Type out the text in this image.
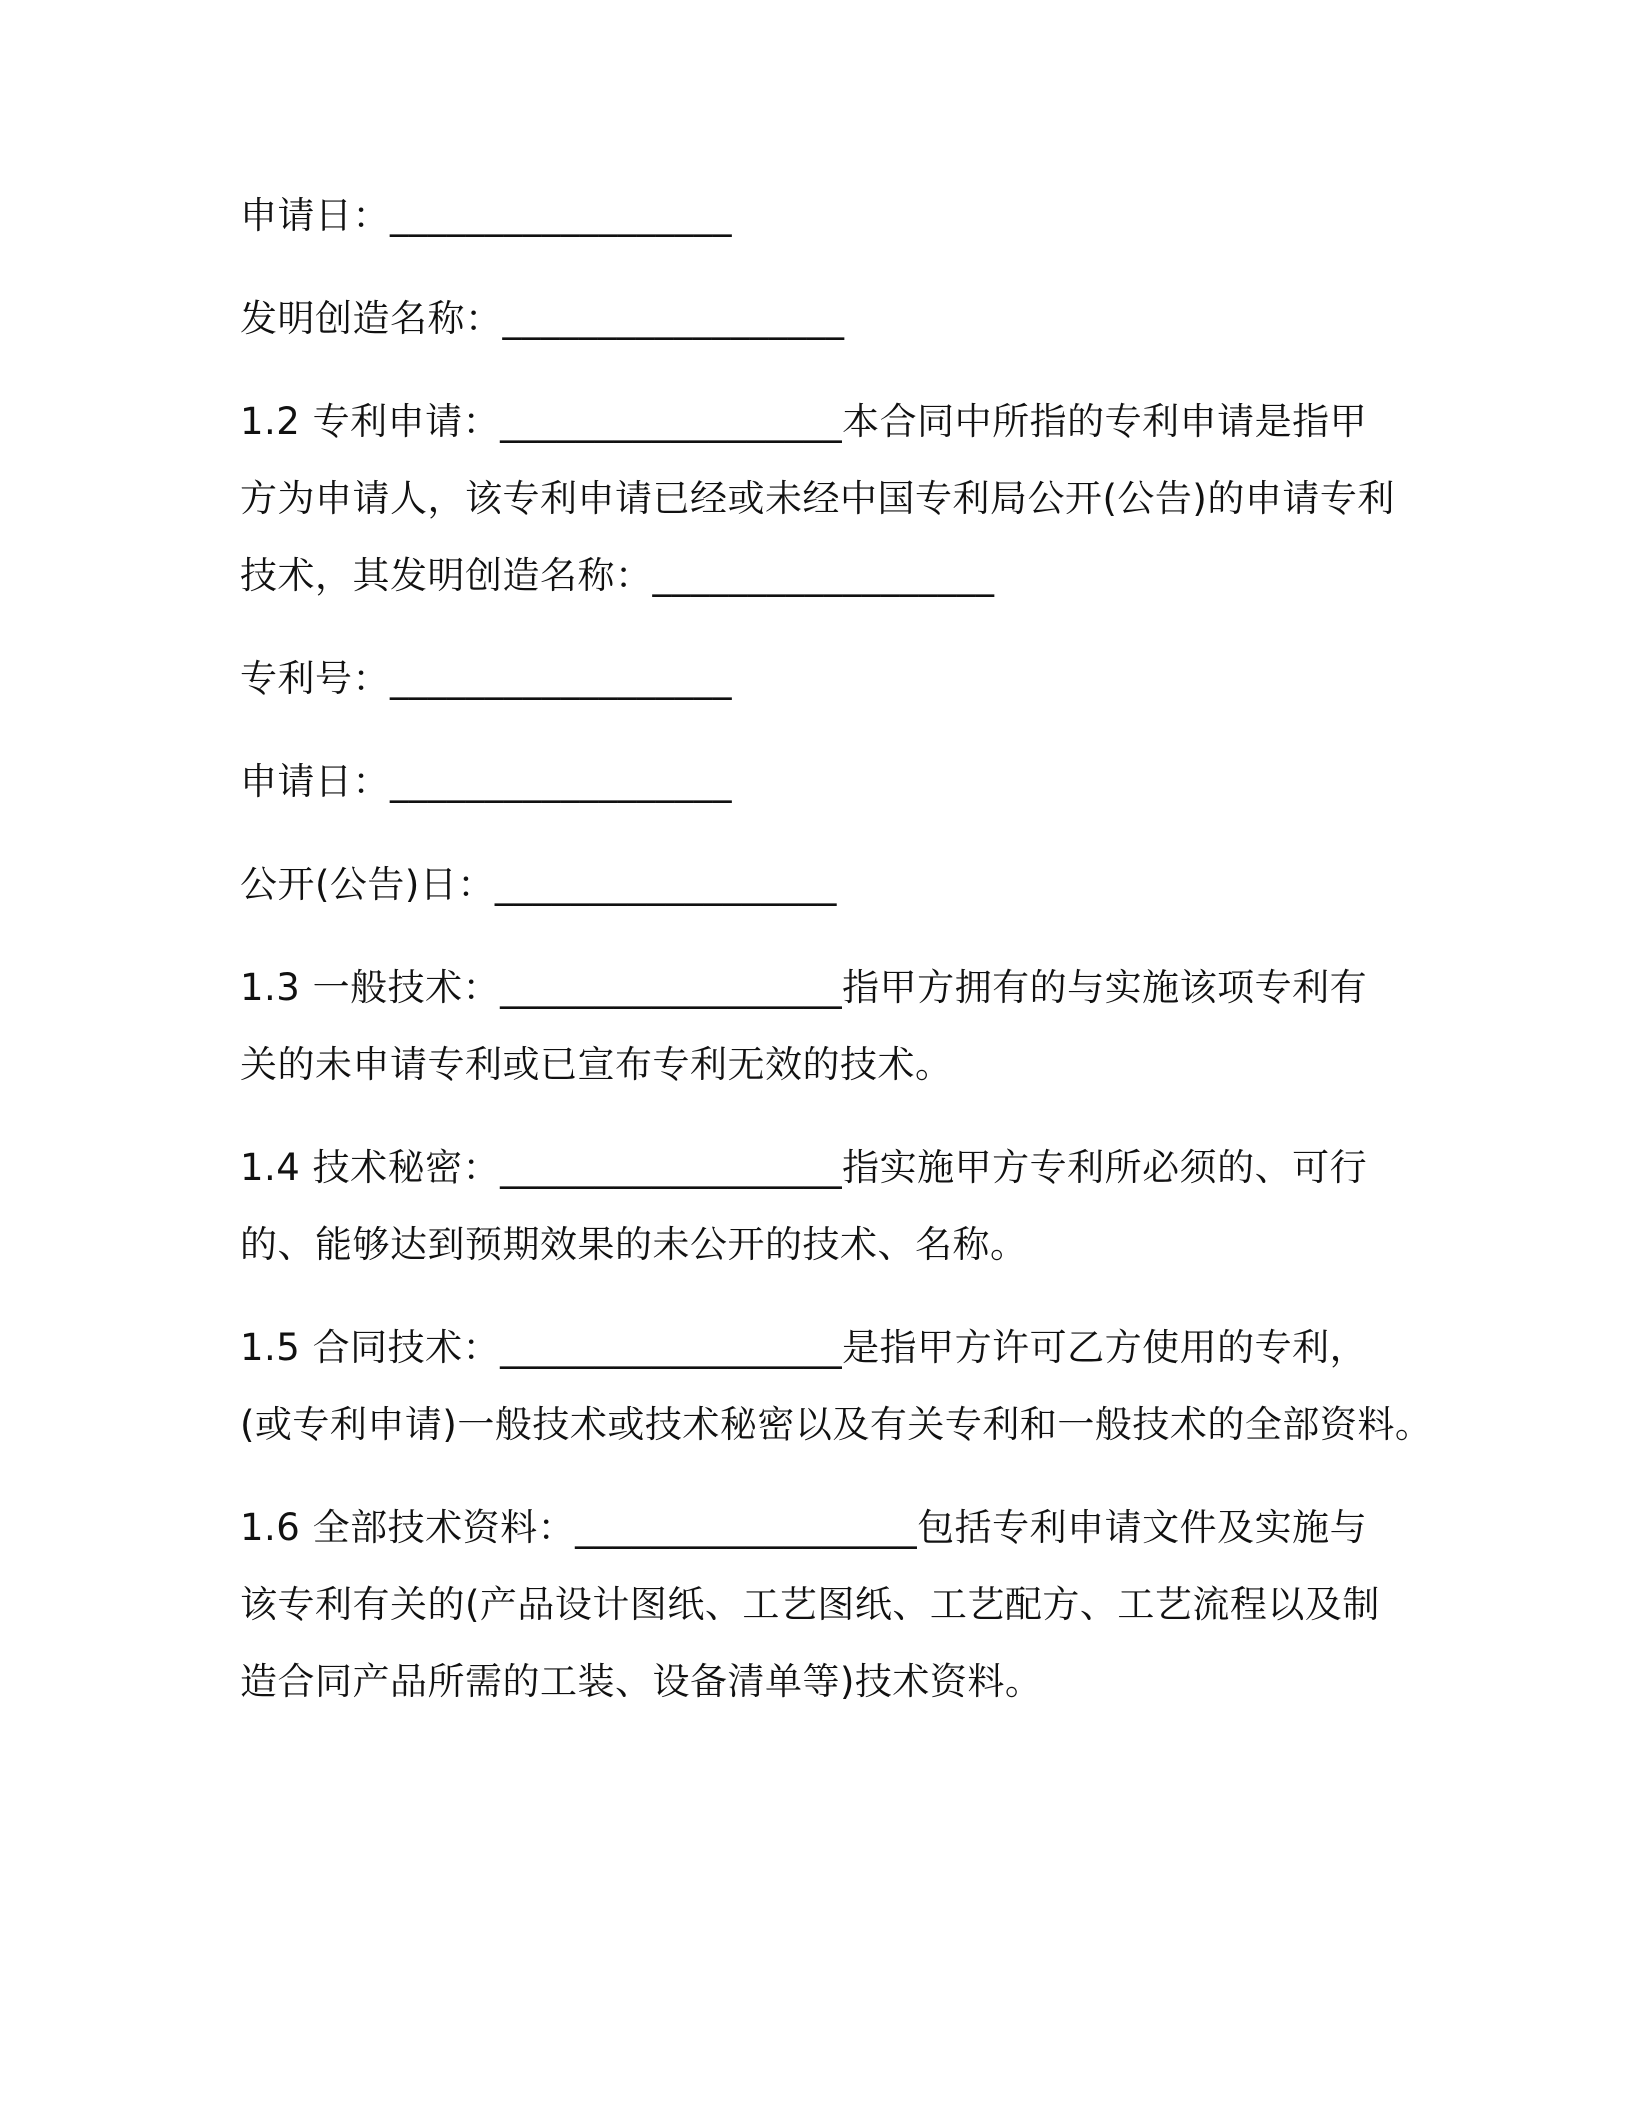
申请日：__________________
发明创造名称：__________________
1.2 专利申请：__________________本合同中所指的专利申请是指甲
方为申请人，该专利申请已经或未经中国专利局公开(公告)的申请专利
技术，其发明创造名称：__________________
专利号：__________________
申请日：__________________
公开(公告)日：__________________
1.3 一般技术：__________________指甲方拥有的与实施该项专利有
关的未申请专利或已宣布专利无效的技术。
1.4 技术秘密：__________________指实施甲方专利所必须的、可行
的、能够达到预期效果的未公开的技术、名称。
1.5 合同技术：__________________是指甲方许可乙方使用的专利，
(或专利申请)一般技术或技术秘密以及有关专利和一般技术的全部资料。
1.6 全部技术资料：__________________包括专利申请文件及实施与
该专利有关的(产品设计图纸、工艺图纸、工艺配方、工艺流程以及制
造合同产品所需的工装、设备清单等)技术资料。
